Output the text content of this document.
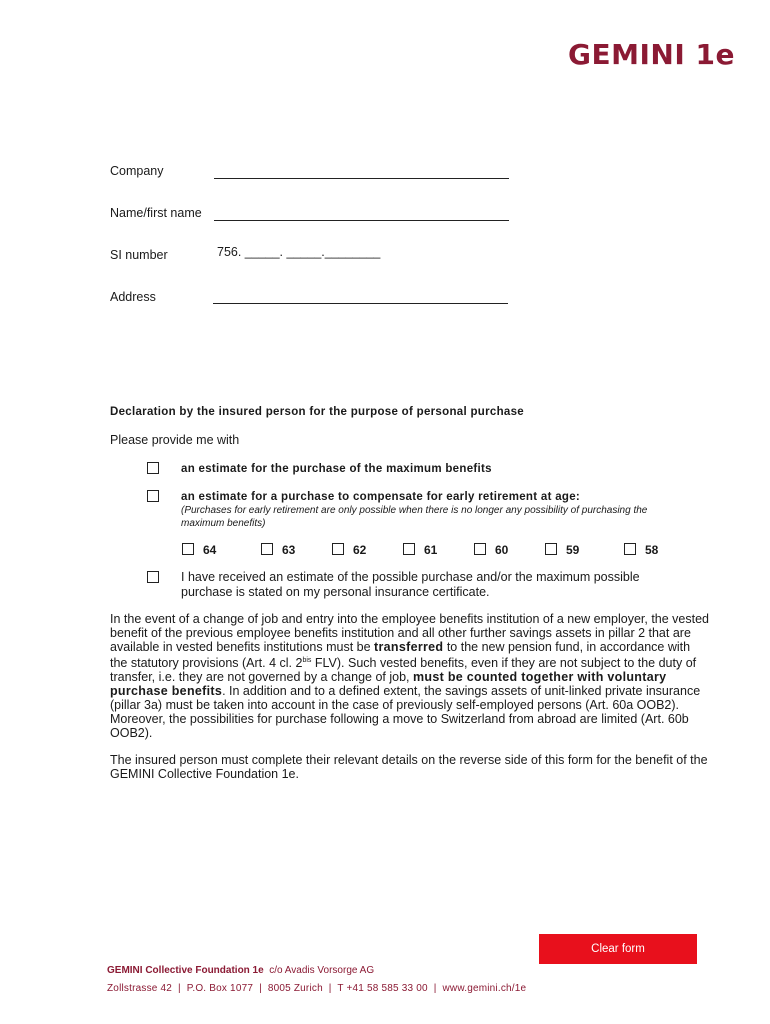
GEMINI 1e
Company
Name/first name
SI number	756. _____. _____.________
Address
Declaration by the insured person for the purpose of personal purchase
Please provide me with
an estimate for the purchase of the maximum benefits
an estimate for a purchase to compensate for early retirement at age:
(Purchases for early retirement are only possible when there is no longer any possibility of purchasing the maximum benefits)
64	63	62	61	60	59	58
I have received an estimate of the possible purchase and/or the maximum possible purchase is stated on my personal insurance certificate.
In the event of a change of job and entry into the employee benefits institution of a new employer, the vested benefit of the previous employee benefits institution and all other further savings assets in pillar 2 that are available in vested benefits institutions must be transferred to the new pension fund, in accordance with the statutory provisions (Art. 4 cl. $2^{bis}$ FLV). Such vested benefits, even if they are not subject to the duty of transfer, i.e. they are not governed by a change of job, must be counted together with voluntary purchase benefits. In addition and to a defined extent, the savings assets of unit-linked private insurance (pillar 3a) must be taken into account in the case of previously self-employed persons (Art. 60a OOB2). Moreover, the possibilities for purchase following a move to Switzerland from abroad are limited (Art. 60b OOB2).
The insured person must complete their relevant details on the reverse side of this form for the benefit of the GEMINI Collective Foundation 1e.
Clear form
GEMINI Collective Foundation 1e  c/o Avadis Vorsorge AG
Zollstrasse 42  |  P.O. Box 1077  |  8005 Zurich  |  T +41 58 585 33 00  |  www.gemini.ch/1e
